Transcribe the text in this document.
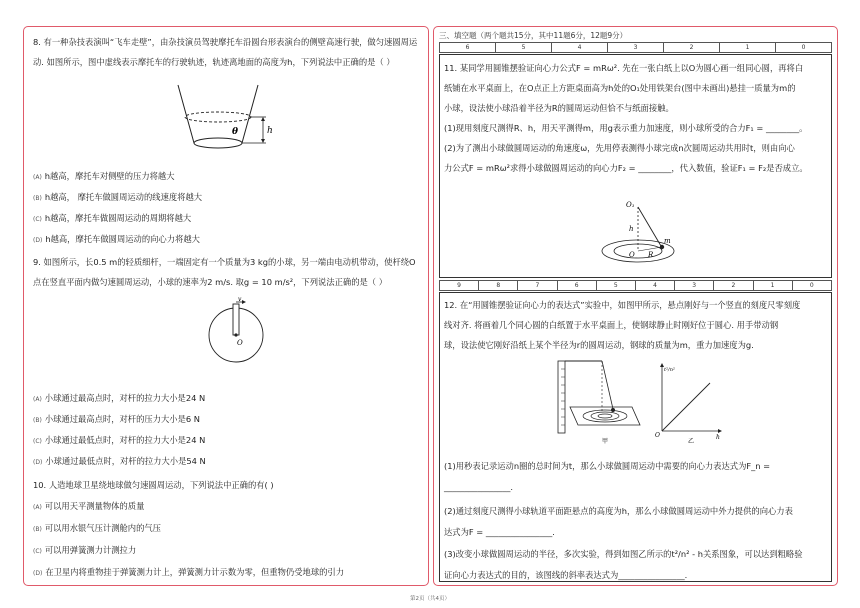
8. 有一种杂技表演叫“飞车走壁”，由杂技演员驾驶摩托车沿圆台形表演台的侧壁高速行驶，做匀速圆周运动. 如图所示，图中虚线表示摩托车的行驶轨迹，轨迹离地面的高度为h，下列说法中正确的是（ ）
h
θ
(A) h越高，摩托车对侧壁的压力将越大
(B) h越高， 摩托车做圆周运动的线速度将越大
(C) h越高，摩托车做圆周运动的周期将越大
(D) h越高，摩托车做圆周运动的向心力将越大
9. 如图所示，长0.5 m的轻质细杆，一端固定有一个质量为3 kg的小球，另一端由电动机带动，使杆绕O点在竖直平面内做匀速圆周运动，小球的速率为2 m/s. 取g = 10 m/s²，下列说法正确的是（ ）
v
O
(A) 小球通过最高点时，对杆的拉力大小是24 N
(B) 小球通过最高点时，对杆的压力大小是6 N
(C) 小球通过最低点时，对杆的拉力大小是24 N
(D) 小球通过最低点时，对杆的拉力大小是54 N
10. 人造地球卫星绕地球做匀速圆周运动，下列说法中正确的有( )
(A) 可以用天平测量物体的质量
(B) 可以用水银气压计测舱内的气压
(C) 可以用弹簧测力计测拉力
(D) 在卫星内将重物挂于弹簧测力计上，弹簧测力计示数为零，但重物仍受地球的引力
三、填空题（两个题共15分，其中11题6分，12题9分）
6	5	4	3	2	1	0
11. 某同学用圆锥摆验证向心力公式F = mRω². 先在一张白纸上以O为圆心画一组同心圆，再将白
纸铺在水平桌面上，在O点正上方距桌面高为h处的O₁处用铁架台(图中未画出)悬挂一质量为m的
小球，设法使小球沿着半径为R的圆周运动但恰不与纸面接触。
(1)现用刻度尺测得R、h，用天平测得m，用g表示重力加速度，则小球所受的合力F₁ = ________。
(2)为了测出小球做圆周运动的角速度ω，先用停表测得小球完成n次圆周运动共用时t，则由向心
力公式F = mRω²求得小球做圆周运动的向心力F₂ = ________，代入数值，验证F₁ = F₂是否成立。
O₁
h
m
O R
9	8	7	6	5	4	3	2	1	0
12. 在“用圆锥摆验证向心力的表达式”实验中，如图甲所示，悬点刚好与一个竖直的刻度尺零刻度
线对齐. 将画着几个同心圆的白纸置于水平桌面上，使钢球静止时刚好位于圆心. 用手带动钢
球，设法使它刚好沿纸上某个半径为r的圆周运动，钢球的质量为m，重力加速度为g.
甲
t²/n²
h
O
乙
(1)用秒表记录运动n圈的总时间为t，那么小球做圆周运动中需要的向心力表达式为F_n =
________________.
(2)通过刻度尺测得小球轨道平面距悬点的高度为h，那么小球做圆周运动中外力提供的向心力表
达式为F = ________________.
(3)改变小球做圆周运动的半径，多次实验，得到如图乙所示的t²/n² - h关系图象，可以达到粗略验
证向心力表达式的目的，该图线的斜率表达式为________________.
第2页（共4页）
